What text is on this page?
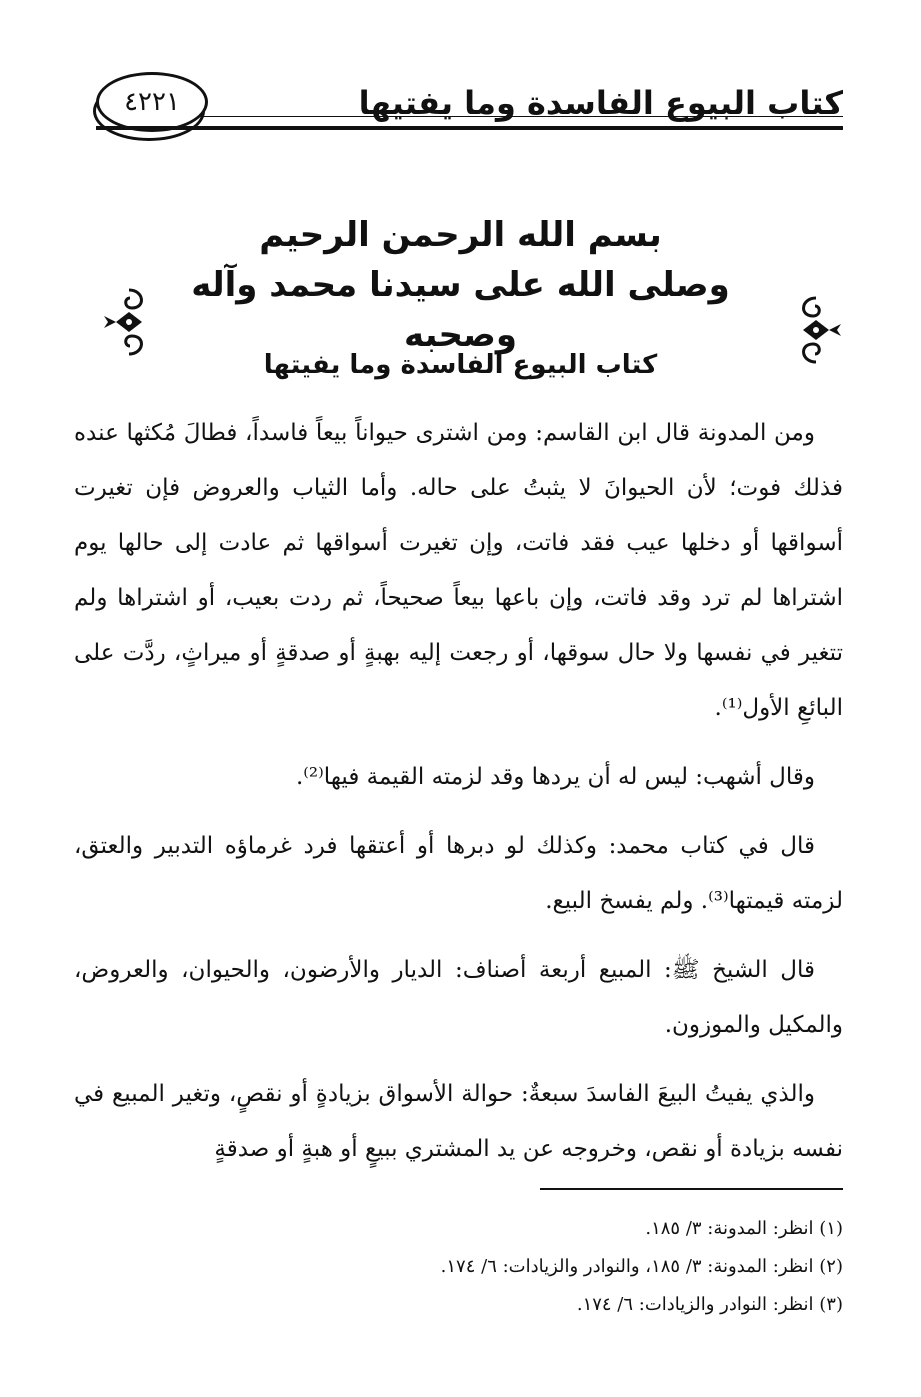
كتاب البيوع الفاسدة وما يفتيها
٤٢٢١
بسم الله الرحمن الرحيم
وصلى الله على سيدنا محمد وآله وصحبه
كتاب البيوع الفاسدة وما يفيتها

ومن المدونة قال ابن القاسم: ومن اشترى حيواناً بيعاً فاسداً، فطالَ مُكثها عنده فذلك فوت؛ لأن الحيوانَ لا يثبتُ على حاله. وأما الثياب والعروض فإن تغيرت أسواقها أو دخلها عيب فقد فاتت، وإن تغيرت أسواقها ثم عادت إلى حالها يوم اشتراها لم ترد وقد فاتت، وإن باعها بيعاً صحيحاً، ثم ردت بعيب، أو اشتراها ولم تتغير في نفسها ولا حال سوقها، أو رجعت إليه بهبةٍ أو صدقةٍ أو ميراثٍ، ردَّت على البائعِ الأول⁽¹⁾.

وقال أشهب: ليس له أن يردها وقد لزمته القيمة فيها⁽²⁾.

قال في كتاب محمد: وكذلك لو دبرها أو أعتقها فرد غرماؤه التدبير والعتق، لزمته قيمتها⁽³⁾. ولم يفسخ البيع.

قال الشيخ ﷺ: المبيع أربعة أصناف: الديار والأرضون، والحيوان، والعروض، والمكيل والموزون.

والذي يفيتُ البيعَ الفاسدَ سبعةٌ: حوالة الأسواق بزيادةٍ أو نقصٍ، وتغير المبيع في نفسه بزيادة أو نقص، وخروجه عن يد المشتري ببيعٍ أو هبةٍ أو صدقةٍ

(١) انظر: المدونة: ٣/ ١٨٥.
(٢) انظر: المدونة: ٣/ ١٨٥، والنوادر والزيادات: ٦/ ١٧٤.
(٣) انظر: النوادر والزيادات: ٦/ ١٧٤.
